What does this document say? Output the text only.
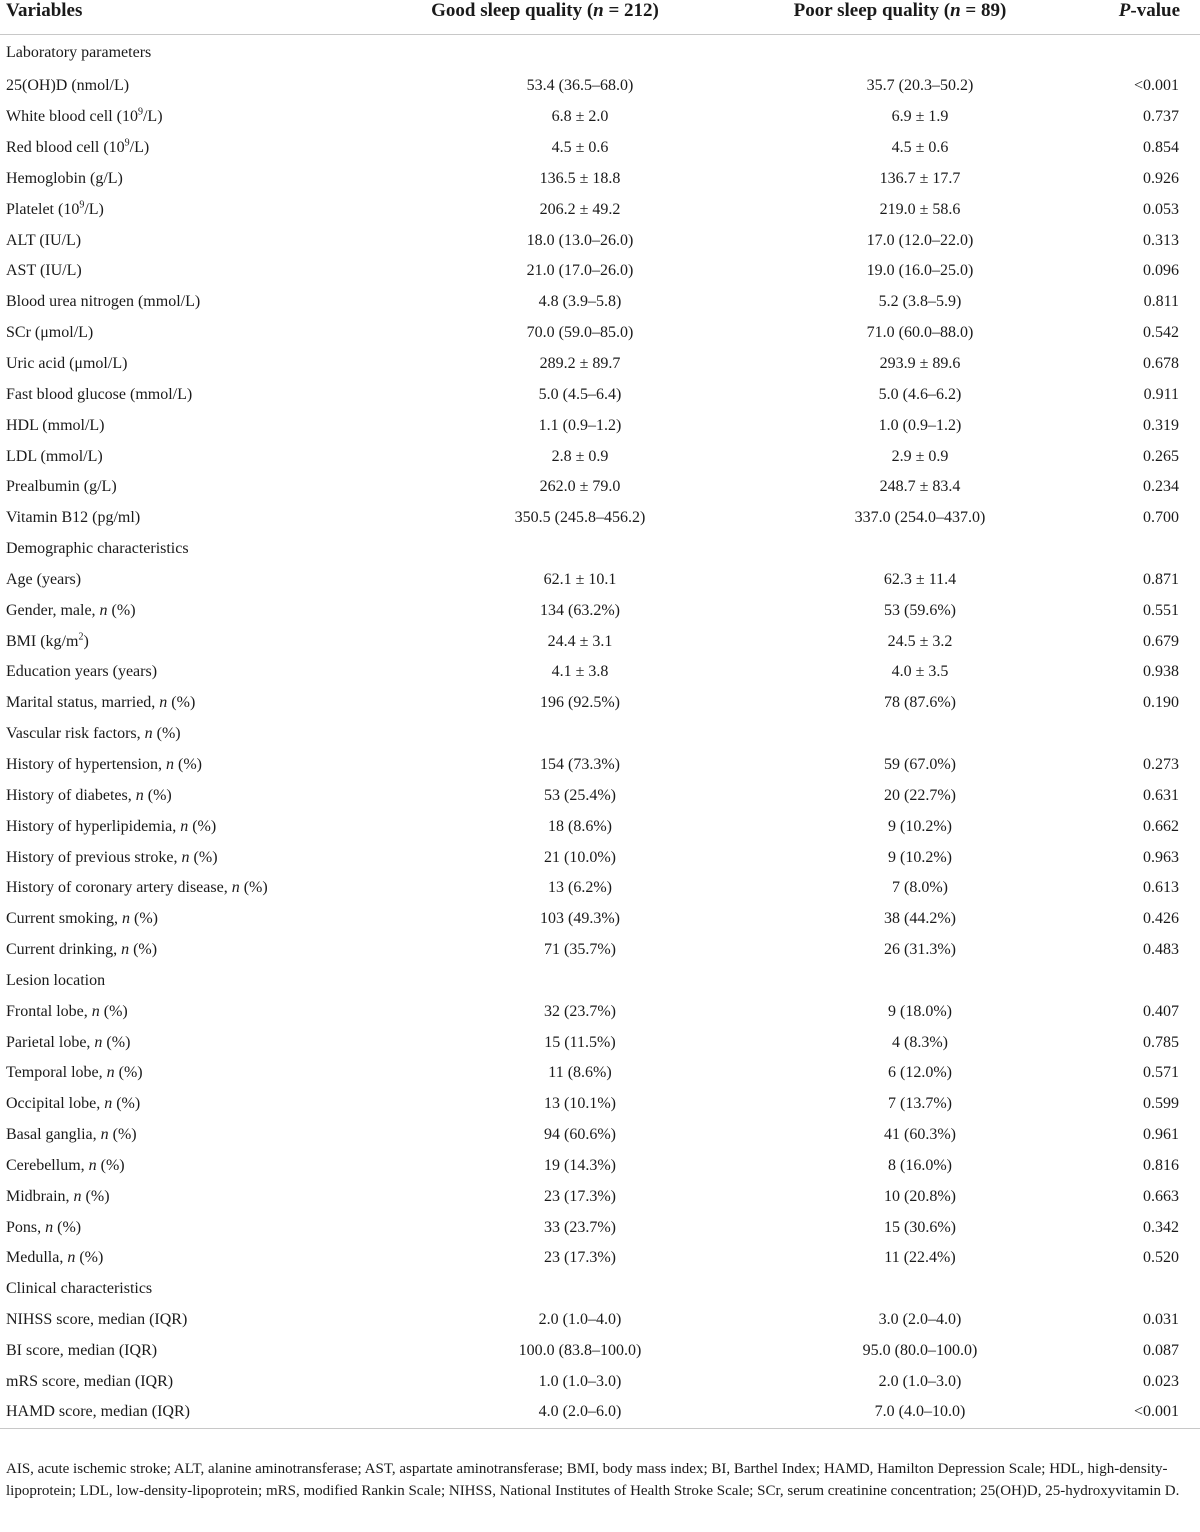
Variables	Good sleep quality (n = 212)	Poor sleep quality (n = 89)	P-value
Laboratory parameters			
25(OH)D (nmol/L)	53.4 (36.5–68.0)	35.7 (20.3–50.2)	<0.001
White blood cell $(10^9/L)$	6.8 ± 2.0	6.9 ± 1.9	0.737
Red blood cell $(10^9/L)$	4.5 ± 0.6	4.5 ± 0.6	0.854
Hemoglobin (g/L)	136.5 ± 18.8	136.7 ± 17.7	0.926
Platelet $(10^9/L)$	206.2 ± 49.2	219.0 ± 58.6	0.053
ALT (IU/L)	18.0 (13.0–26.0)	17.0 (12.0–22.0)	0.313
AST (IU/L)	21.0 (17.0–26.0)	19.0 (16.0–25.0)	0.096
Blood urea nitrogen (mmol/L)	4.8 (3.9–5.8)	5.2 (3.8–5.9)	0.811
SCr (μmol/L)	70.0 (59.0–85.0)	71.0 (60.0–88.0)	0.542
Uric acid (μmol/L)	289.2 ± 89.7	293.9 ± 89.6	0.678
Fast blood glucose (mmol/L)	5.0 (4.5–6.4)	5.0 (4.6–6.2)	0.911
HDL (mmol/L)	1.1 (0.9–1.2)	1.0 (0.9–1.2)	0.319
LDL (mmol/L)	2.8 ± 0.9	2.9 ± 0.9	0.265
Prealbumin (g/L)	262.0 ± 79.0	248.7 ± 83.4	0.234
Vitamin B12 (pg/ml)	350.5 (245.8–456.2)	337.0 (254.0–437.0)	0.700
Demographic characteristics			
Age (years)	62.1 ± 10.1	62.3 ± 11.4	0.871
Gender, male, n (%)	134 (63.2%)	53 (59.6%)	0.551
BMI $(kg/m^2)$	24.4 ± 3.1	24.5 ± 3.2	0.679
Education years (years)	4.1 ± 3.8	4.0 ± 3.5	0.938
Marital status, married, n (%)	196 (92.5%)	78 (87.6%)	0.190
Vascular risk factors, n (%)			
History of hypertension, n (%)	154 (73.3%)	59 (67.0%)	0.273
History of diabetes, n (%)	53 (25.4%)	20 (22.7%)	0.631
History of hyperlipidemia, n (%)	18 (8.6%)	9 (10.2%)	0.662
History of previous stroke, n (%)	21 (10.0%)	9 (10.2%)	0.963
History of coronary artery disease, n (%)	13 (6.2%)	7 (8.0%)	0.613
Current smoking, n (%)	103 (49.3%)	38 (44.2%)	0.426
Current drinking, n (%)	71 (35.7%)	26 (31.3%)	0.483
Lesion location			
Frontal lobe, n (%)	32 (23.7%)	9 (18.0%)	0.407
Parietal lobe, n (%)	15 (11.5%)	4 (8.3%)	0.785
Temporal lobe, n (%)	11 (8.6%)	6 (12.0%)	0.571
Occipital lobe, n (%)	13 (10.1%)	7 (13.7%)	0.599
Basal ganglia, n (%)	94 (60.6%)	41 (60.3%)	0.961
Cerebellum, n (%)	19 (14.3%)	8 (16.0%)	0.816
Midbrain, n (%)	23 (17.3%)	10 (20.8%)	0.663
Pons, n (%)	33 (23.7%)	15 (30.6%)	0.342
Medulla, n (%)	23 (17.3%)	11 (22.4%)	0.520
Clinical characteristics			
NIHSS score, median (IQR)	2.0 (1.0–4.0)	3.0 (2.0–4.0)	0.031
BI score, median (IQR)	100.0 (83.8–100.0)	95.0 (80.0–100.0)	0.087
mRS score, median (IQR)	1.0 (1.0–3.0)	2.0 (1.0–3.0)	0.023
HAMD score, median (IQR)	4.0 (2.0–6.0)	7.0 (4.0–10.0)	<0.001
AIS, acute ischemic stroke; ALT, alanine aminotransferase; AST, aspartate aminotransferase; BMI, body mass index; BI, Barthel Index; HAMD, Hamilton Depression Scale; HDL, high-density-lipoprotein; LDL, low-density-lipoprotein; mRS, modified Rankin Scale; NIHSS, National Institutes of Health Stroke Scale; SCr, serum creatinine concentration; 25(OH)D, 25-hydroxyvitamin D.
